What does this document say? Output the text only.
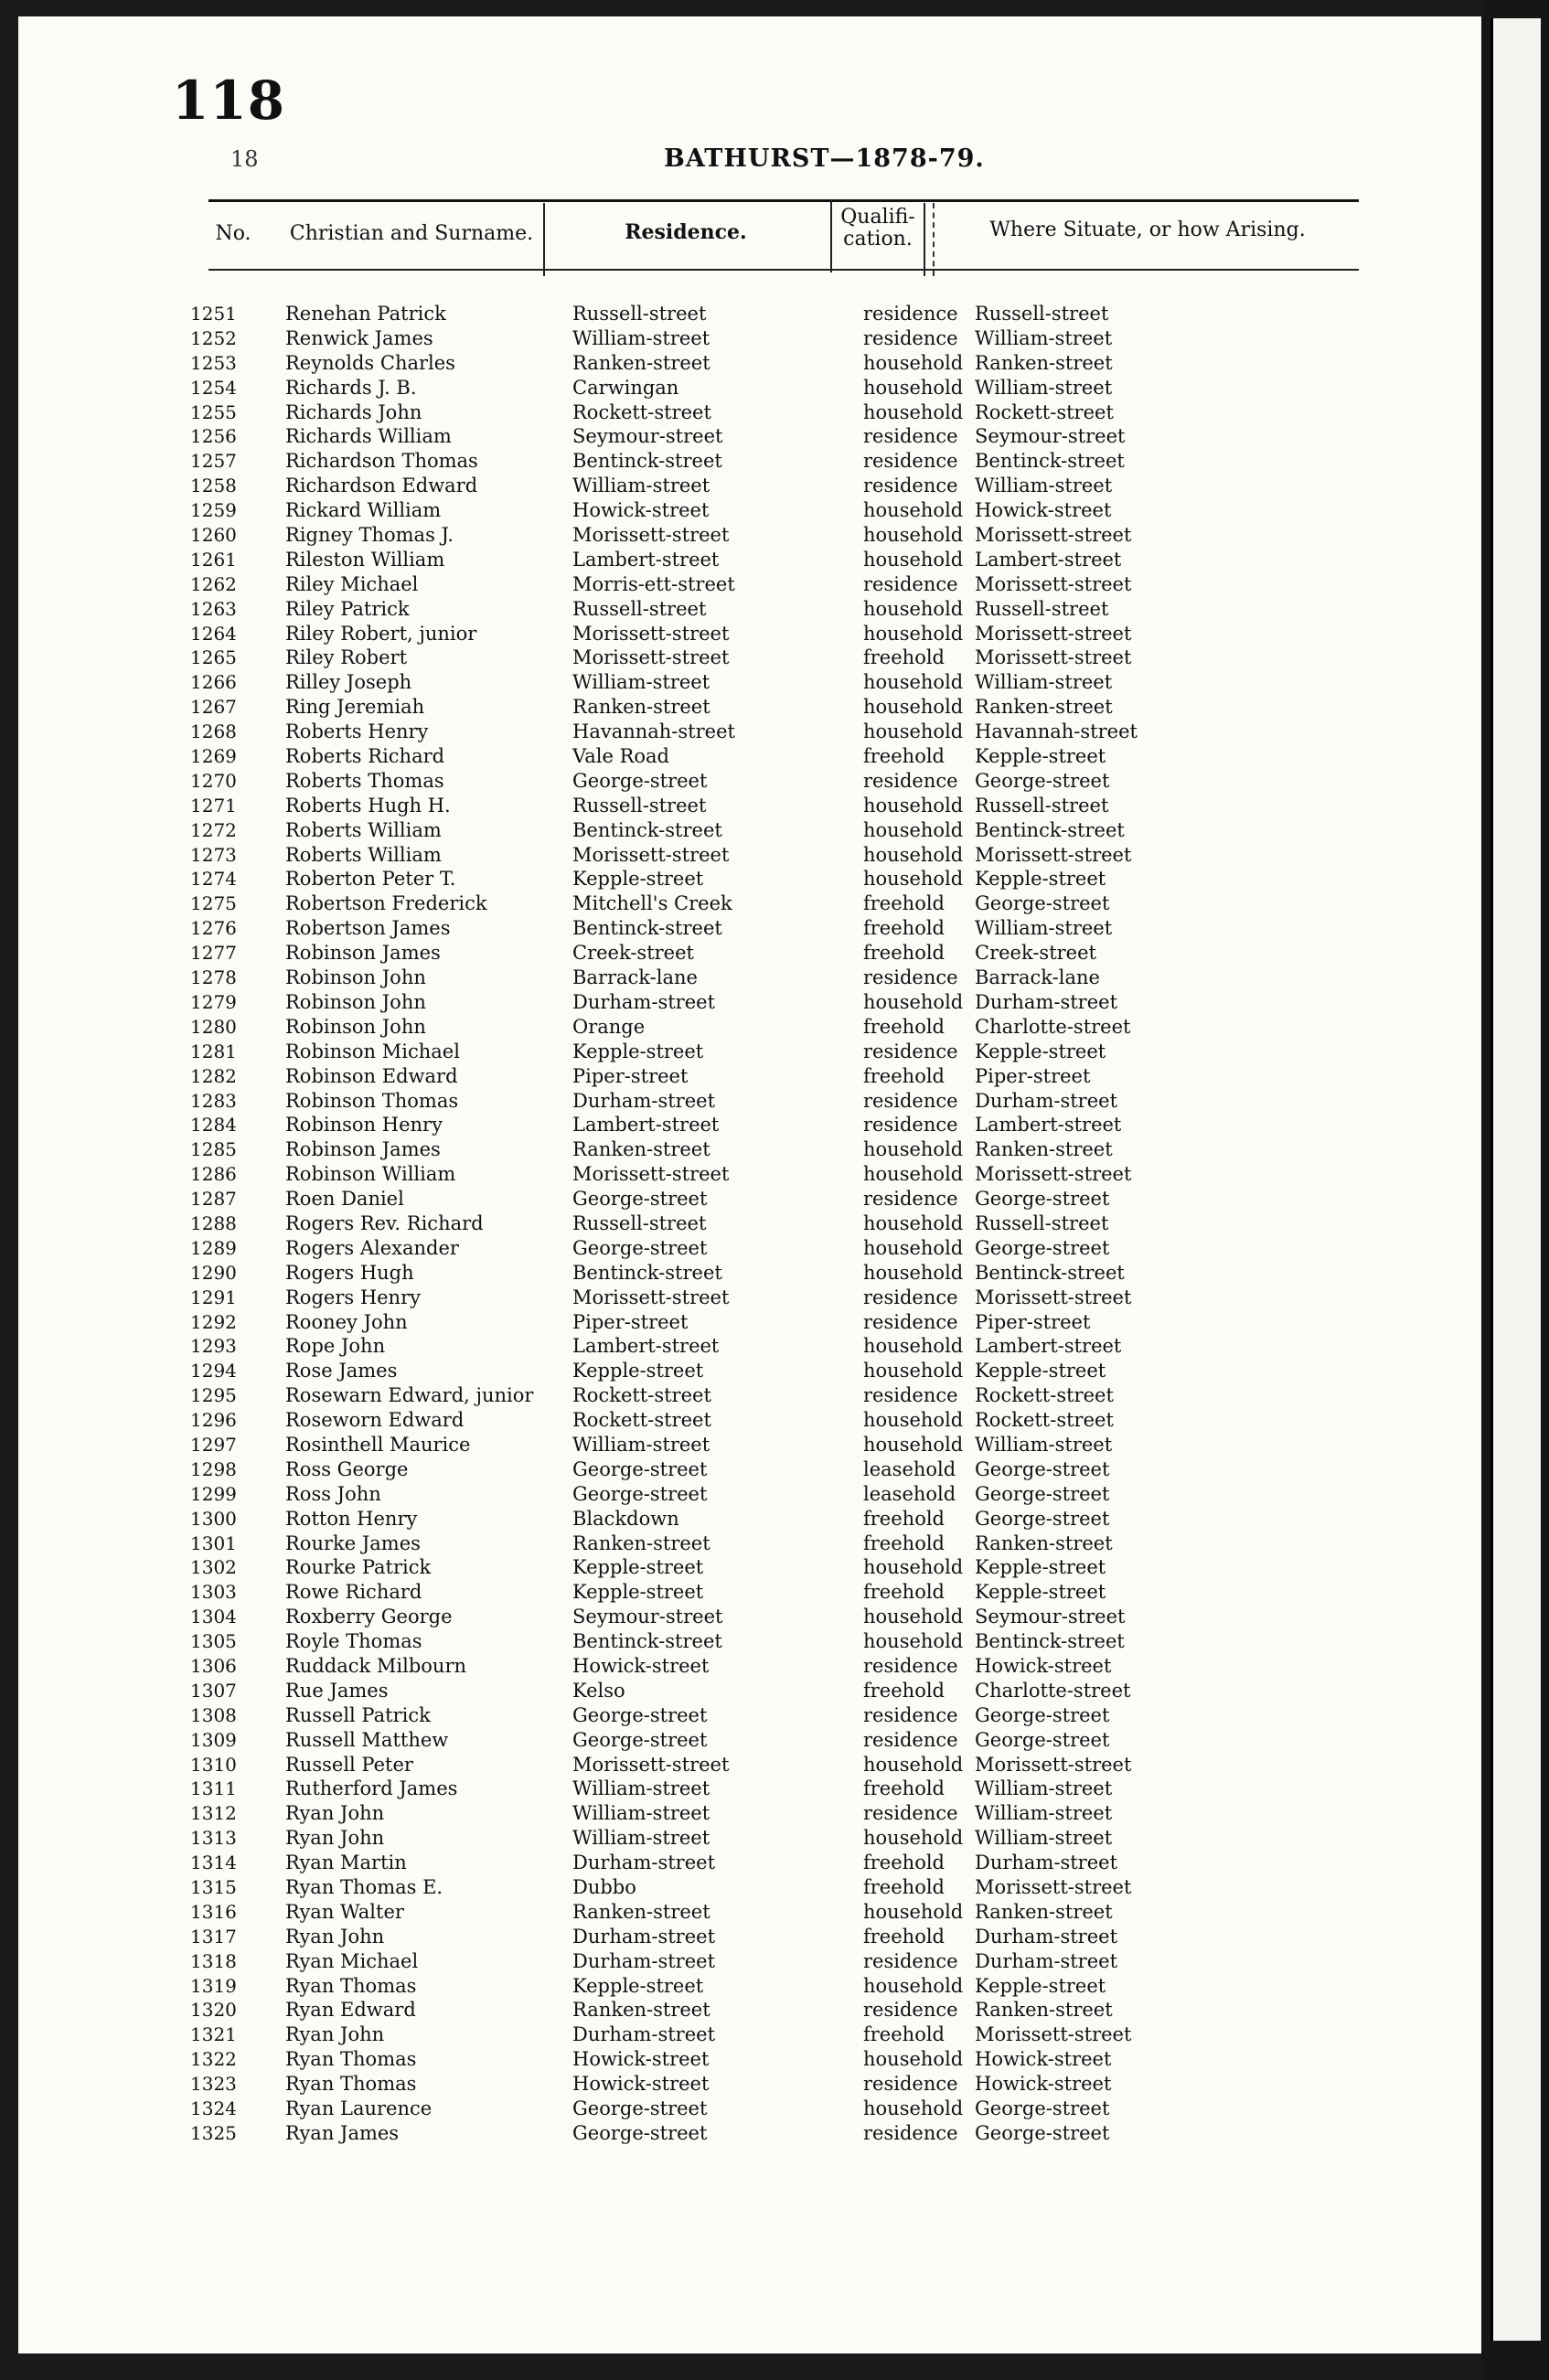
118
18	BATHURST—1878-79.
No.	Christian and Surname.	Residence.
Qualifi-
cation.	Where Situate, or how Arising.
1251	Renehan Patrick	Russell-street	residence Russell-street
1252	Renwick James	William-street	residence William-street
1253	Reynolds Charles	Ranken-street	household Ranken-street
1254	Richards J. B.	Carwingan	household William-street
1255	Richards John	Rockett-street	household Rockett-street
1256	Richards William	Seymour-street	residence Seymour-street
1257	Richardson Thomas	Bentinck-street	residence Bentinck-street
1258	Richardson Edward	William-street	residence William-street
1259	Rickard William	Howick-street	household Howick-street
1260	Rigney Thomas J.	Morissett-street	household Morissett-street
1261	Rileston William	Lambert-street	household Lambert-street
1262	Riley Michael	Morris-ett-street	residence Morissett-street
1263	Riley Patrick	Russell-street	household Russell-street
1264	Riley Robert, junior	Morissett-street	household Morissett-street
1265	Riley Robert	Morissett-street	freehold Morissett-street
1266	Rilley Joseph	William-street	household William-street
1267	Ring Jeremiah	Ranken-street	household Ranken-street
1268	Roberts Henry	Havannah-street	household Havannah-street
1269	Roberts Richard	Vale Road	freehold Kepple-street
1270	Roberts Thomas	George-street	residence George-street
1271	Roberts Hugh H.	Russell-street	household Russell-street
1272	Roberts William	Bentinck-street	household Bentinck-street
1273	Roberts William	Morissett-street	household Morissett-street
1274	Roberton Peter T.	Kepple-street	household Kepple-street
1275	Robertson Frederick	Mitchell's Creek	freehold George-street
1276	Robertson James	Bentinck-street	freehold William-street
1277	Robinson James	Creek-street	freehold Creek-street
1278	Robinson John	Barrack-lane	residence Barrack-lane
1279	Robinson John	Durham-street	household Durham-street
1280	Robinson John	Orange	freehold Charlotte-street
1281	Robinson Michael	Kepple-street	residence Kepple-street
1282	Robinson Edward	Piper-street	freehold Piper-street
1283	Robinson Thomas	Durham-street	residence Durham-street
1284	Robinson Henry	Lambert-street	residence Lambert-street
1285	Robinson James	Ranken-street	household Ranken-street
1286	Robinson William	Morissett-street	household Morissett-street
1287	Roen Daniel	George-street	residence George-street
1288	Rogers Rev. Richard	Russell-street	household Russell-street
1289	Rogers Alexander	George-street	household George-street
1290	Rogers Hugh	Bentinck-street	household Bentinck-street
1291	Rogers Henry	Morissett-street	residence Morissett-street
1292	Rooney John	Piper-street	residence Piper-street
1293	Rope John	Lambert-street	household Lambert-street
1294	Rose James	Kepple-street	household Kepple-street
1295	Rosewarn Edward, junior Rockett-street	residence Rockett-street
1296	Roseworn Edward	Rockett-street	household Rockett-street
1297	Rosinthell Maurice	William-street	household William-street
1298	Ross George	George-street	leasehold George-street
1299	Ross John	George-street	leasehold George-street
1300	Rotton Henry	Blackdown	freehold George-street
1301	Rourke James	Ranken-street	freehold Ranken-street
1302	Rourke Patrick	Kepple-street	household Kepple-street
1303	Rowe Richard	Kepple-street	freehold Kepple-street
1304	Roxberry George	Seymour-street	household Seymour-street
1305	Royle Thomas	Bentinck-street	household Bentinck-street
1306	Ruddack Milbourn	Howick-street	residence Howick-street
1307	Rue James	Kelso	freehold Charlotte-street
1308	Russell Patrick	George-street	residence George-street
1309	Russell Matthew	George-street	residence George-street
1310	Russell Peter	Morissett-street	household Morissett-street
1311	Rutherford James	William-street	freehold William-street
1312	Ryan John	William-street	residence William-street
1313	Ryan John	William-street	household William-street
1314	Ryan Martin	Durham-street	freehold Durham-street
1315	Ryan Thomas E.	Dubbo	freehold Morissett-street
1316	Ryan Walter	Ranken-street	household Ranken-street
1317	Ryan John	Durham-street	freehold Durham-street
1318	Ryan Michael	Durham-street	residence Durham-street
1319	Ryan Thomas	Kepple-street	household Kepple-street
1320	Ryan Edward	Ranken-street	residence Ranken-street
1321	Ryan John	Durham-street	freehold Morissett-street
1322	Ryan Thomas	Howick-street	household Howick-street
1323	Ryan Thomas	Howick-street	residence Howick-street
1324	Ryan Laurence	George-street	household George-street
1325	Ryan James	George-street	residence George-street
